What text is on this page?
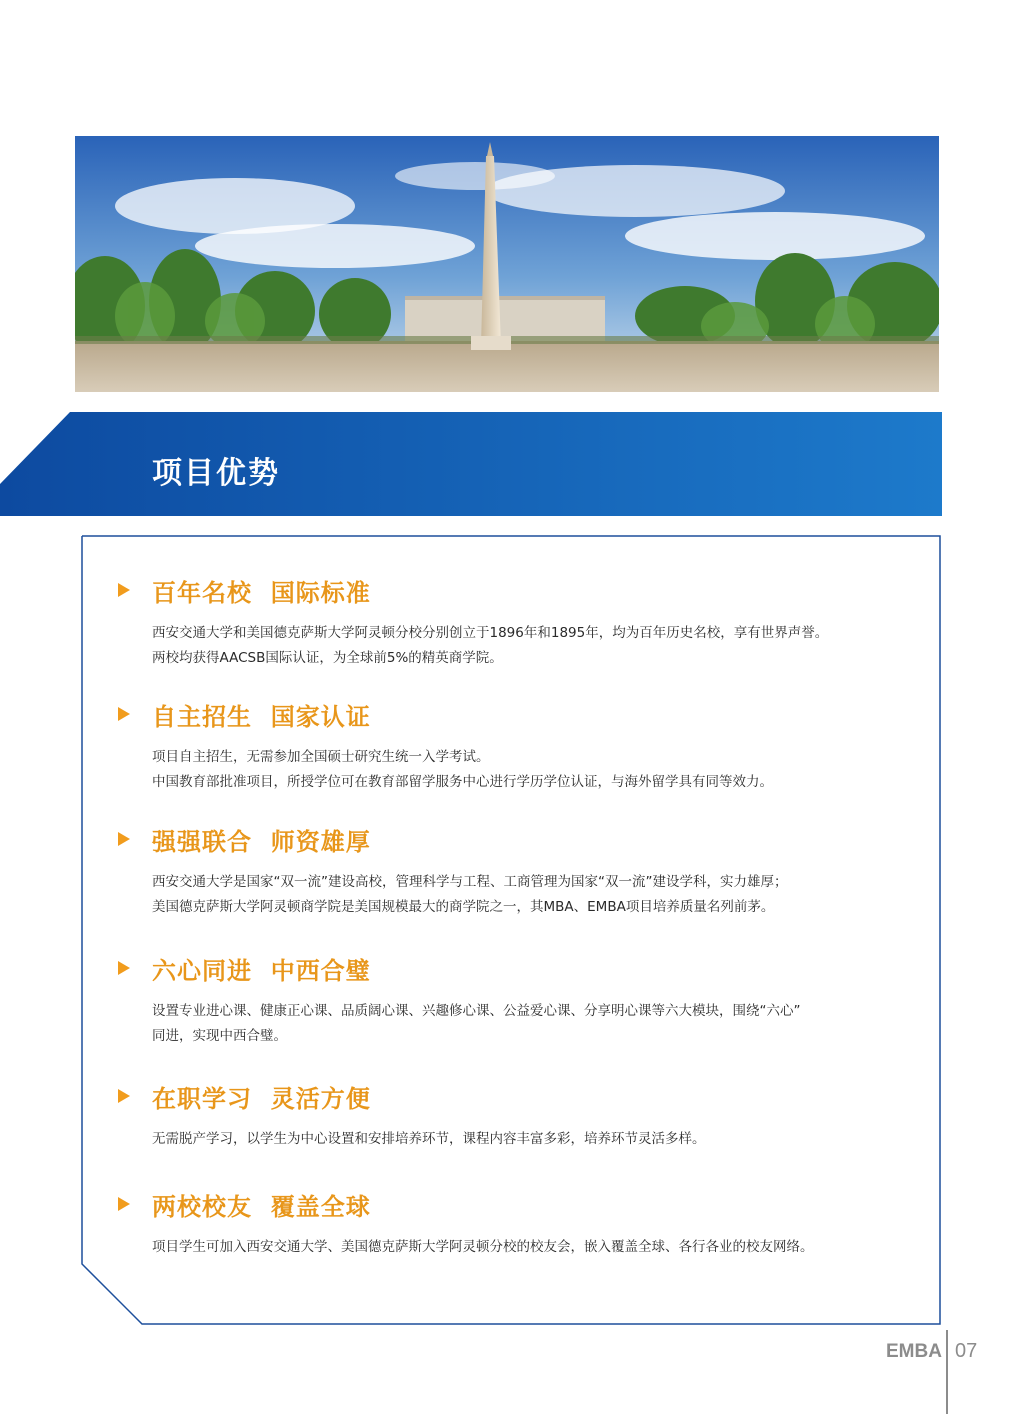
项目优势
百年名校  国际标准
西安交通大学和美国德克萨斯大学阿灵顿分校分别创立于1896年和1895年，均为百年历史名校，享有世界声誉。
两校均获得AACSB国际认证，为全球前5%的精英商学院。
自主招生  国家认证
项目自主招生，无需参加全国硕士研究生统一入学考试。
中国教育部批准项目，所授学位可在教育部留学服务中心进行学历学位认证，与海外留学具有同等效力。
强强联合  师资雄厚
西安交通大学是国家“双一流”建设高校，管理科学与工程、工商管理为国家“双一流”建设学科，实力雄厚；
美国德克萨斯大学阿灵顿商学院是美国规模最大的商学院之一，其MBA、EMBA项目培养质量名列前茅。
六心同进  中西合璧
设置专业进心课、健康正心课、品质阔心课、兴趣修心课、公益爱心课、分享明心课等六大模块，围绕“六心”
同进，实现中西合璧。
在职学习  灵活方便
无需脱产学习，以学生为中心设置和安排培养环节，课程内容丰富多彩，培养环节灵活多样。
两校校友  覆盖全球
项目学生可加入西安交通大学、美国德克萨斯大学阿灵顿分校的校友会，嵌入覆盖全球、各行各业的校友网络。
EMBA 07
